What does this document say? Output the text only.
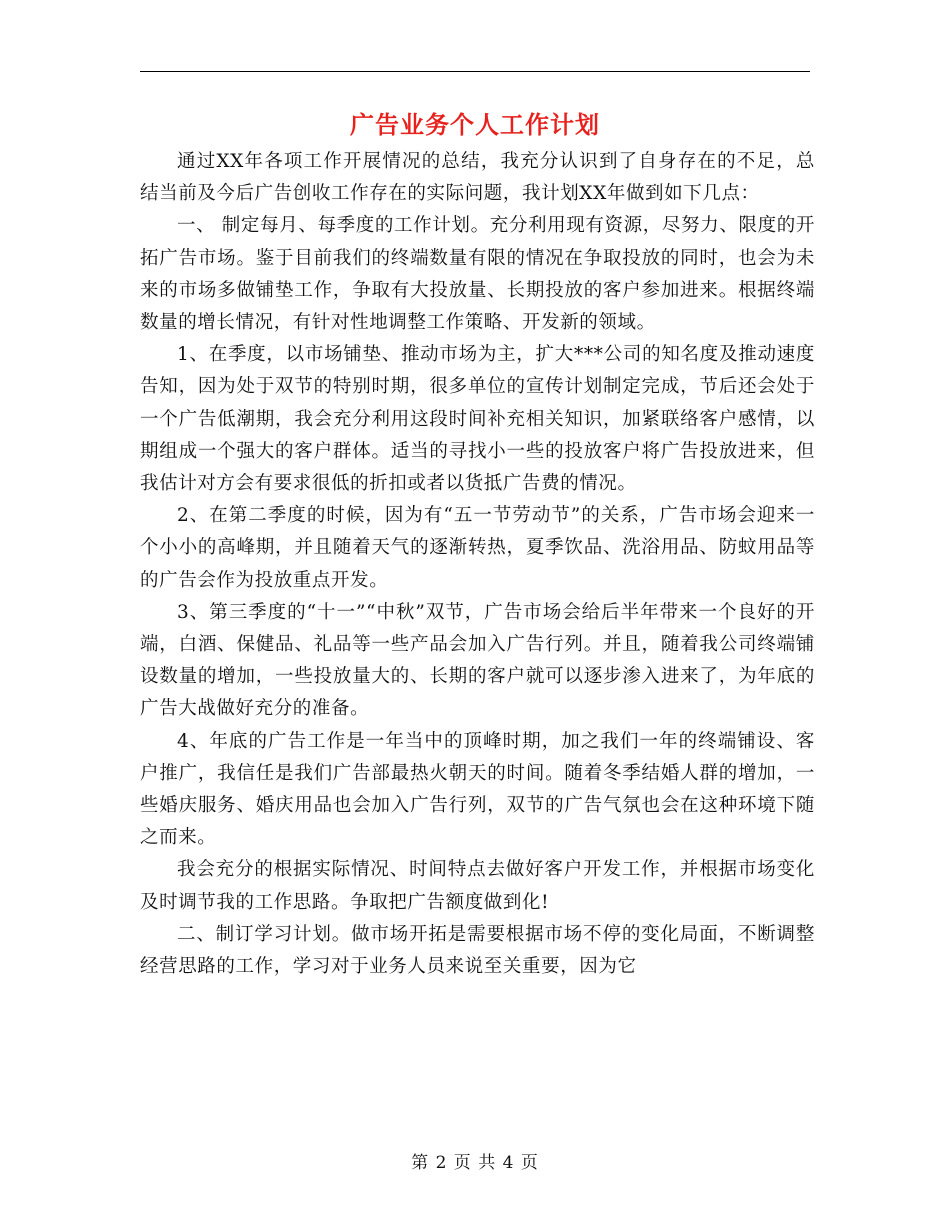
广告业务个人工作计划

通过XX年各项工作开展情况的总结，我充分认识到了自身存在的不足，总结当前及今后广告创收工作存在的实际问题，我计划XX年做到如下几点：

一、 制定每月、每季度的工作计划。充分利用现有资源，尽努力、限度的开拓广告市场。鉴于目前我们的终端数量有限的情况在争取投放的同时，也会为未来的市场多做铺垫工作，争取有大投放量、长期投放的客户参加进来。根据终端数量的增长情况，有针对性地调整工作策略、开发新的领域。

1、在季度，以市场铺垫、推动市场为主，扩大***公司的知名度及推动速度告知，因为处于双节的特别时期，很多单位的宣传计划制定完成，节后还会处于一个广告低潮期，我会充分利用这段时间补充相关知识，加紧联络客户感情，以期组成一个强大的客户群体。适当的寻找小一些的投放客户将广告投放进来，但我估计对方会有要求很低的折扣或者以货抵广告费的情况。

2、在第二季度的时候，因为有“五一节劳动节”的关系，广告市场会迎来一个小小的高峰期，并且随着天气的逐渐转热，夏季饮品、洗浴用品、防蚊用品等的广告会作为投放重点开发。

3、第三季度的“十一”“中秋”双节，广告市场会给后半年带来一个良好的开端，白酒、保健品、礼品等一些产品会加入广告行列。并且，随着我公司终端铺设数量的增加，一些投放量大的、长期的客户就可以逐步渗入进来了，为年底的广告大战做好充分的准备。

4、年底的广告工作是一年当中的顶峰时期，加之我们一年的终端铺设、客户推广，我信任是我们广告部最热火朝天的时间。随着冬季结婚人群的增加，一些婚庆服务、婚庆用品也会加入广告行列，双节的广告气氛也会在这种环境下随之而来。

我会充分的根据实际情况、时间特点去做好客户开发工作，并根据市场变化及时调节我的工作思路。争取把广告额度做到化!

二、制订学习计划。做市场开拓是需要根据市场不停的变化局面，不断调整经营思路的工作，学习对于业务人员来说至关重要，因为它

第 2 页 共 4 页
